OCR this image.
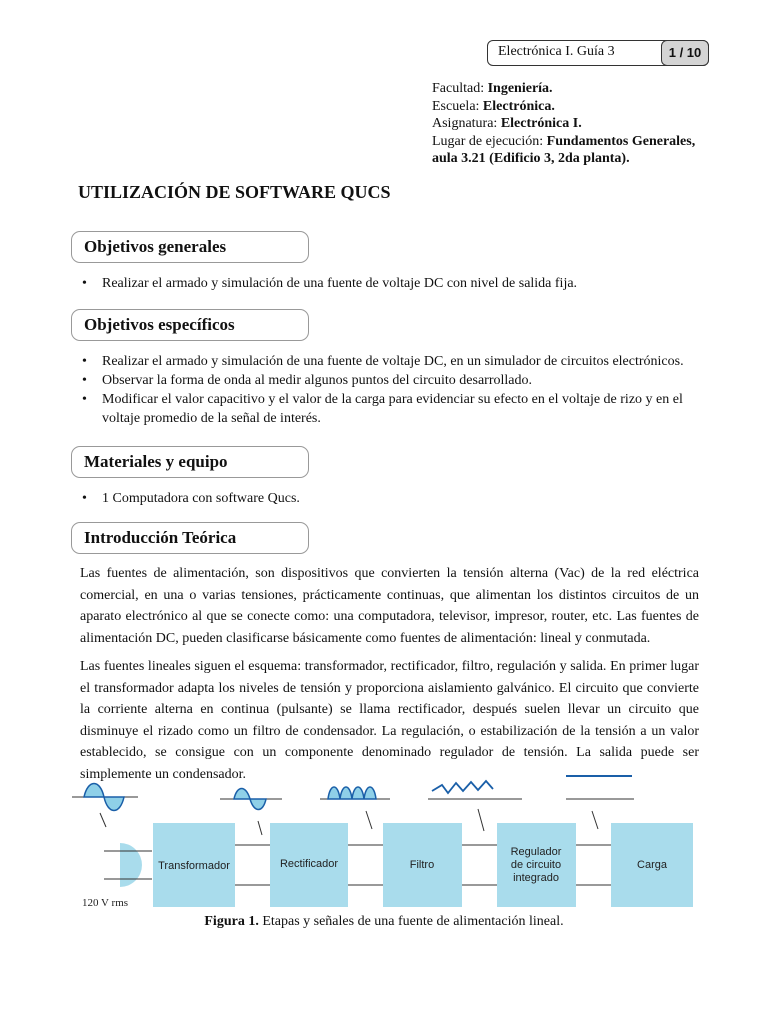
Electrónica I. Guía 3	1 / 10
Facultad: Ingeniería.
Escuela: Electrónica.
Asignatura: Electrónica I.
Lugar de ejecución: Fundamentos Generales,
aula 3.21 (Edificio 3, 2da planta).
UTILIZACIÓN DE SOFTWARE QUCS
Objetivos generales
• Realizar el armado y simulación de una fuente de voltaje DC con nivel de salida fija.
Objetivos específicos
• Realizar el armado y simulación de una fuente de voltaje DC, en un simulador de circuitos electrónicos.
• Observar la forma de onda al medir algunos puntos del circuito desarrollado.
• Modificar el valor capacitivo y el valor de la carga para evidenciar su efecto en el voltaje de rizo y en el voltaje promedio de la señal de interés.
Materiales y equipo
• 1 Computadora con software Qucs.
Introducción Teórica

Las fuentes de alimentación, son dispositivos que convierten la tensión alterna (Vac) de la red eléctrica comercial, en una o varias tensiones, prácticamente continuas, que alimentan los distintos circuitos de un aparato electrónico al que se conecte como: una computadora, televisor, impresor, router, etc. Las fuentes de alimentación DC, pueden clasificarse básicamente como fuentes de alimentación: lineal y conmutada.

Las fuentes lineales siguen el esquema: transformador, rectificador, filtro, regulación y salida. En primer lugar el transformador adapta los niveles de tensión y proporciona aislamiento galvánico. El circuito que convierte la corriente alterna en continua (pulsante) se llama rectificador, después suelen llevar un circuito que disminuye el rizado como un filtro de condensador. La regulación, o estabilización de la tensión a un valor establecido, se consigue con un componente denominado regulador de tensión. La salida puede ser simplemente un condensador.

Transformador	Rectificador	Filtro
Regulador
de circuito
integrado
Carga
120 V rms
Figura 1. Etapas y señales de una fuente de alimentación lineal.
